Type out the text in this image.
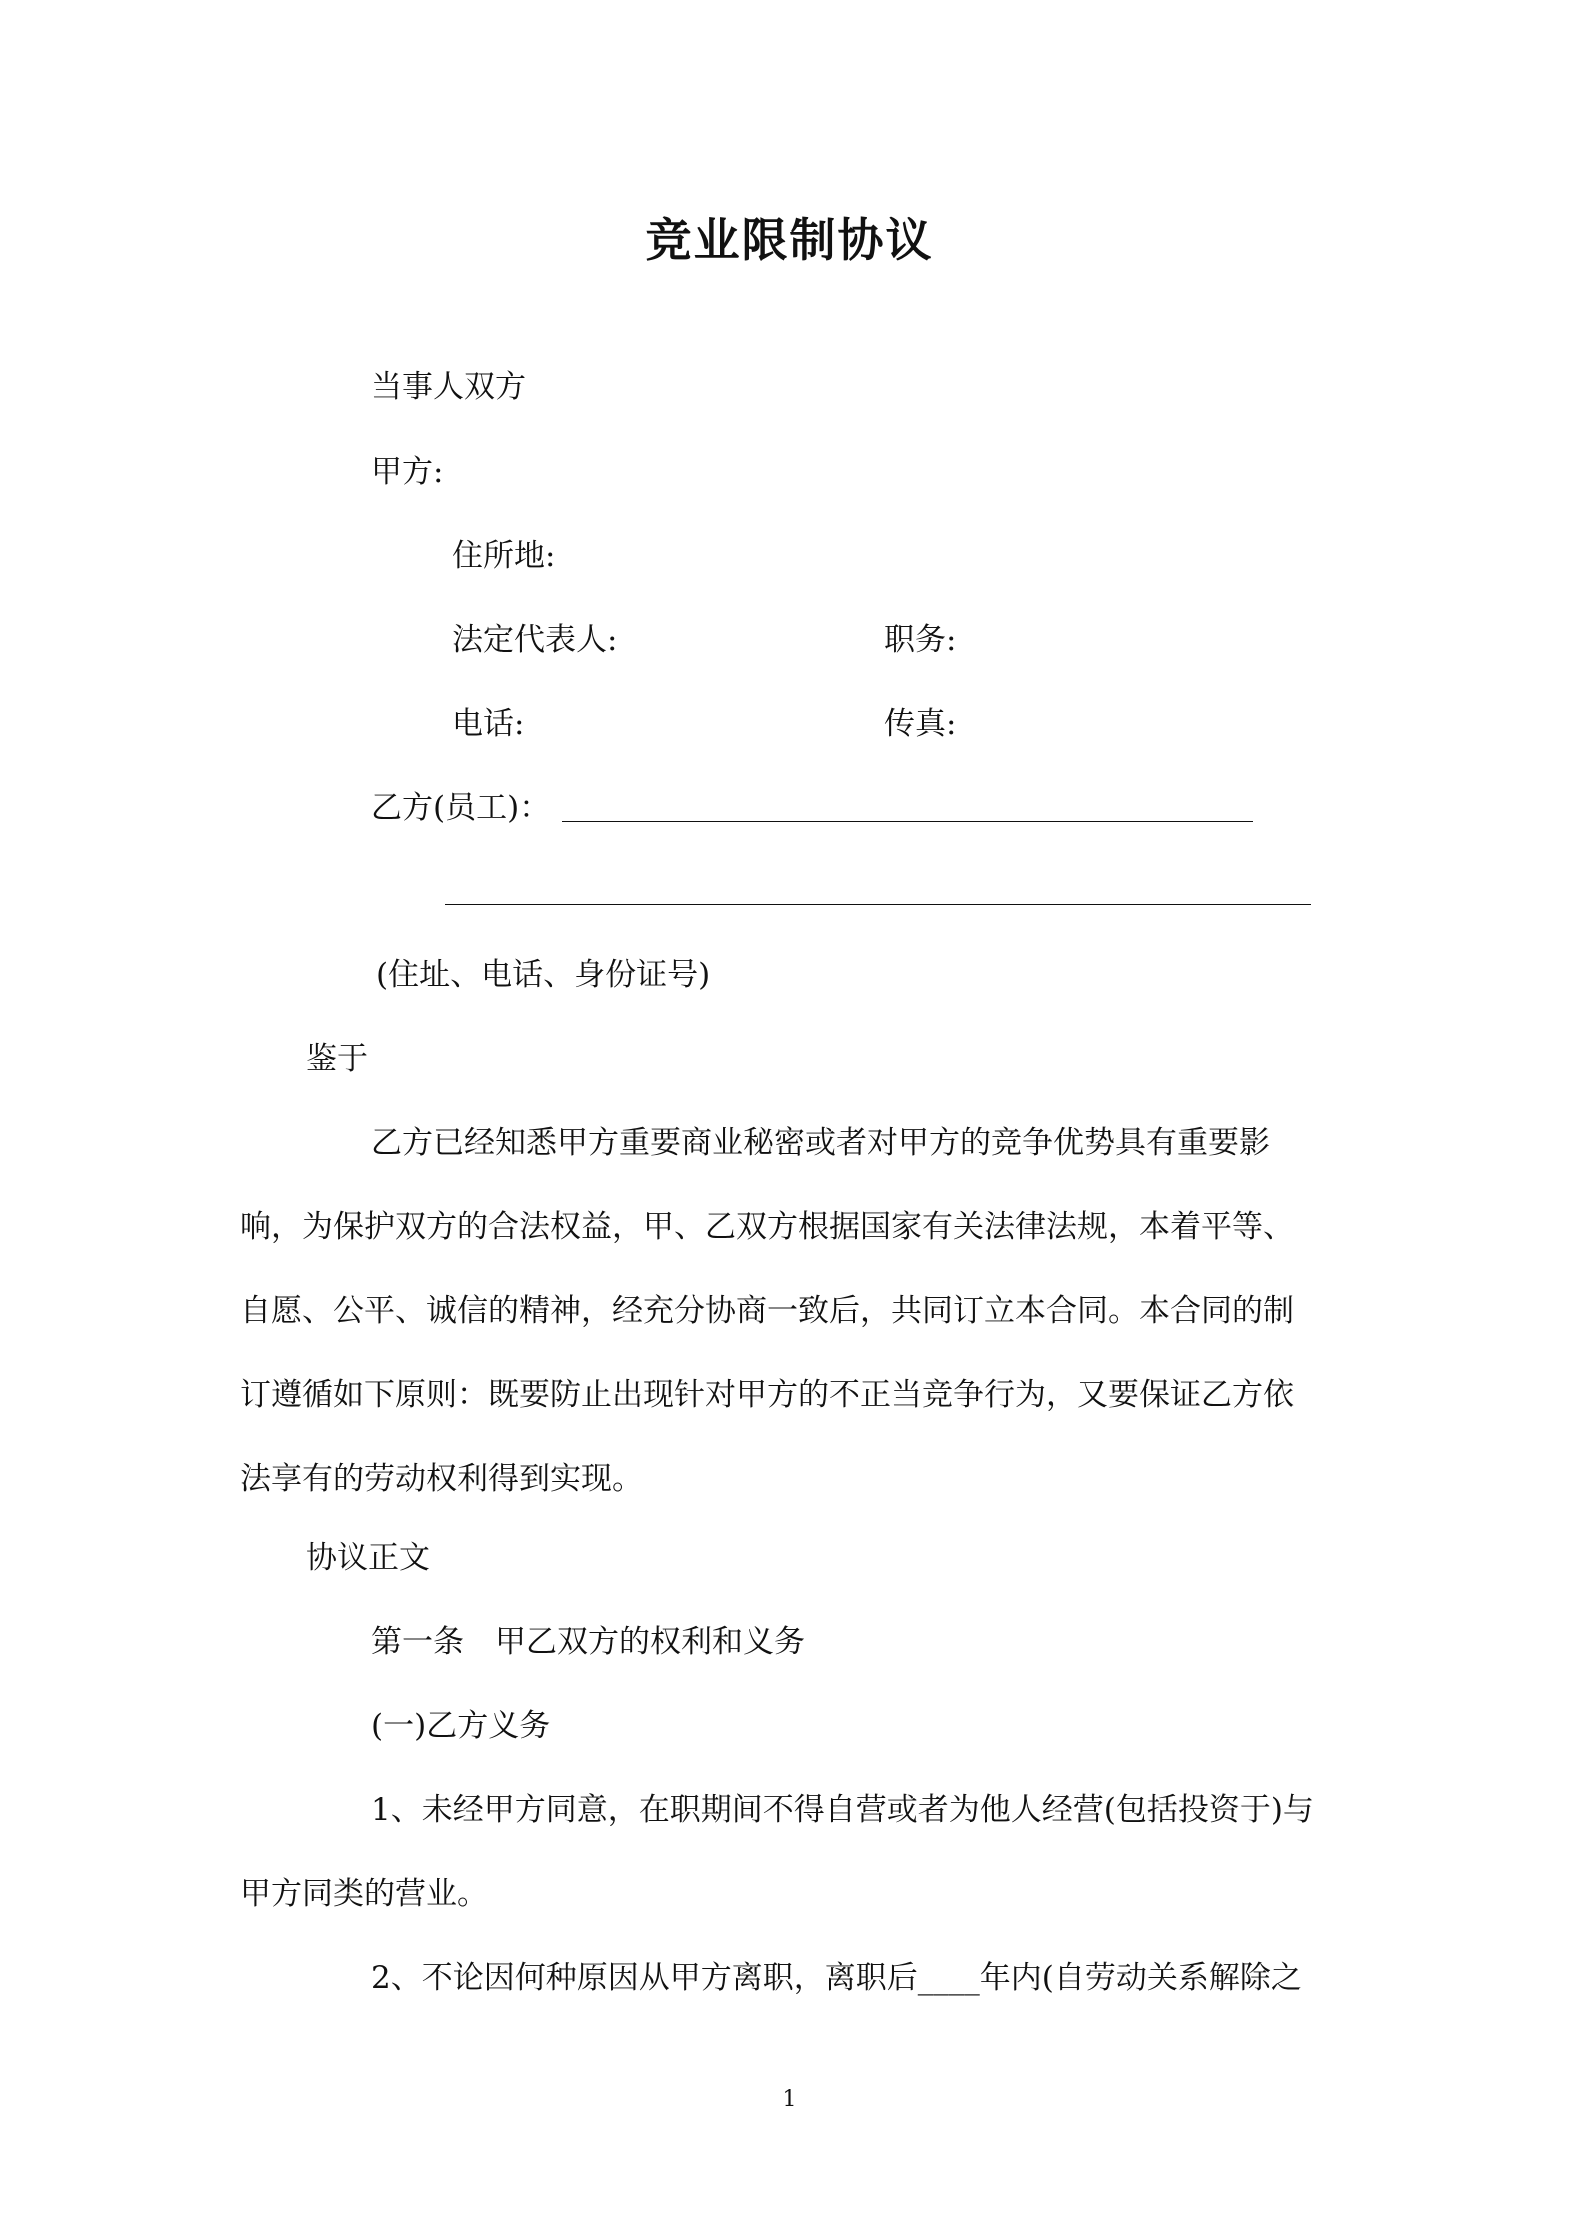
竞业限制协议
当事人双方
甲方:
住所地:
法定代表人:	职务:
电话:	传真:
乙方(员工)：
(住址、电话、身份证号)
鉴于
乙方已经知悉甲方重要商业秘密或者对甲方的竞争优势具有重要影
响，为保护双方的合法权益，甲、乙双方根据国家有关法律法规，本着平等、
自愿、公平、诚信的精神，经充分协商一致后，共同订立本合同。本合同的制
订遵循如下原则：既要防止出现针对甲方的不正当竞争行为，又要保证乙方依
法享有的劳动权利得到实现。
协议正文
第一条　甲乙双方的权利和义务
(一)乙方义务
1、未经甲方同意，在职期间不得自营或者为他人经营(包括投资于)与
甲方同类的营业。
2、不论因何种原因从甲方离职，离职后____年内(自劳动关系解除之
1
